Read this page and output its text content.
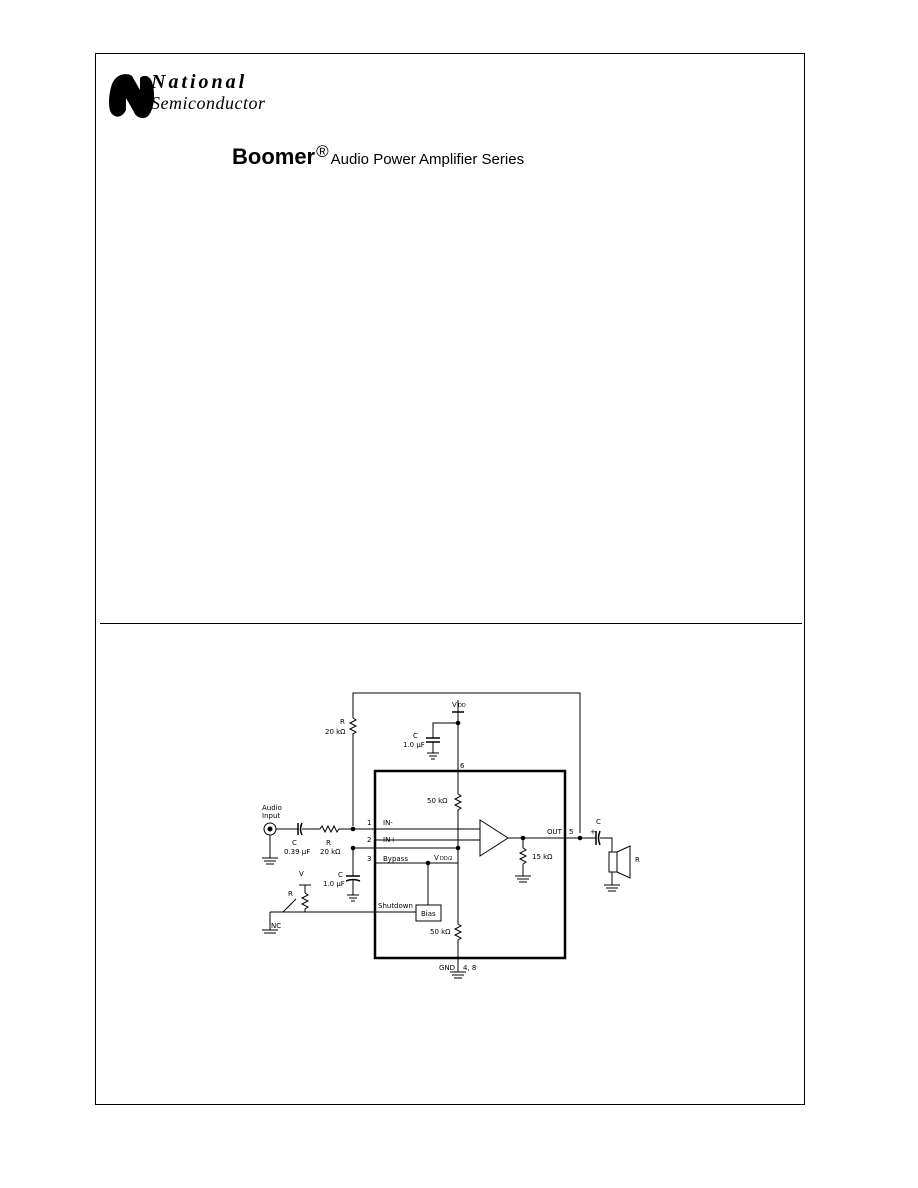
National
Semiconductor
Boomer® Audio Power Amplifier Series
V DD
R
20 kΩ	C
1.0 μF
6
Audio
Input
C
0.39 μF
R
20 kΩ
1
2
3
IN-
IN+
Bypass	V DD/2
50 kΩ
50 kΩ
C
1.0 μF
R
V
Shutdown
Bias
OUT 5
15 kΩ
C
+
R
GND 4, 8
NC
